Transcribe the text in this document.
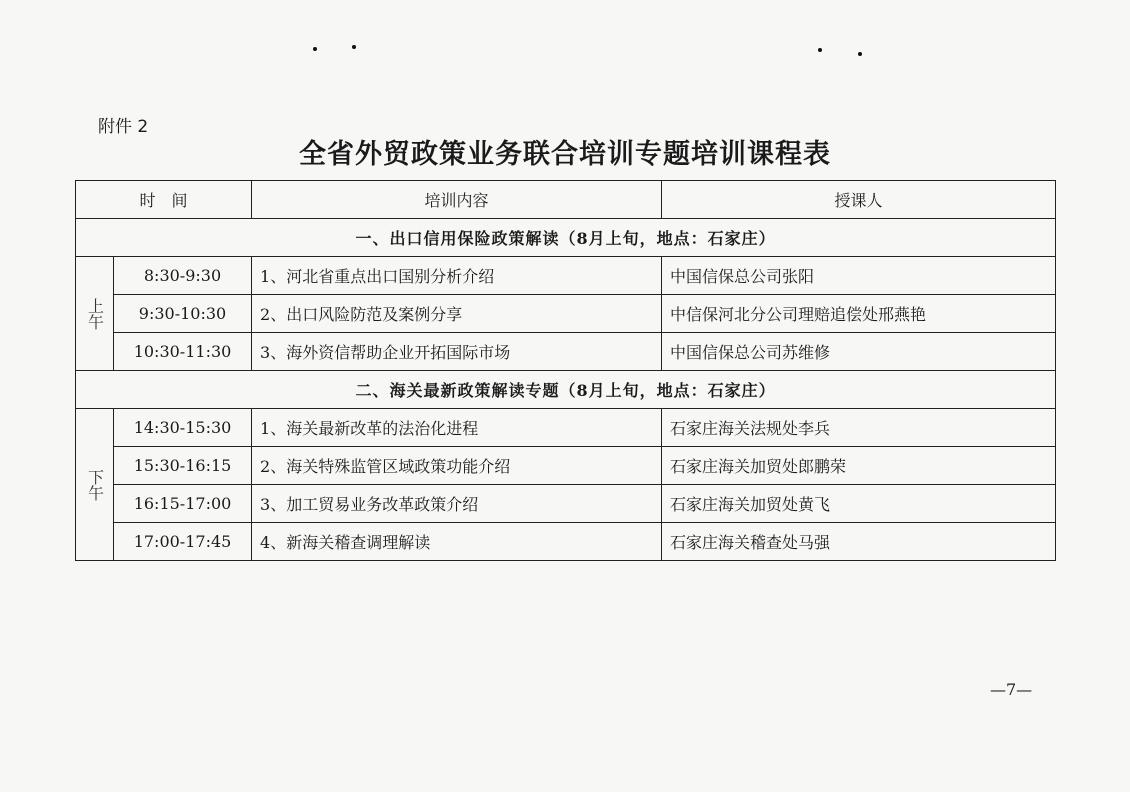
附件 2
全省外贸政策业务联合培训专题培训课程表
时　间		培训内容	授课人
一、出口信用保险政策解读（8月上旬，地点：石家庄）			
上午	8:30-9:30	1、河北省重点出口国别分析介绍	中国信保总公司张阳
	9:30-10:30	2、出口风险防范及案例分享	中信保河北分公司理赔追偿处邢燕艳
	10:30-11:30	3、海外资信帮助企业开拓国际市场	中国信保总公司苏维修
二、海关最新政策解读专题（8月上旬，地点：石家庄）			
下午	14:30-15:30	1、海关最新改革的法治化进程	石家庄海关法规处李兵
	15:30-16:15	2、海关特殊监管区域政策功能介绍	石家庄海关加贸处郎鹏荣
	16:15-17:00	3、加工贸易业务改革政策介绍	石家庄海关加贸处黄飞
	17:00-17:45	4、新海关稽查调理解读	石家庄海关稽查处马强
—7—
